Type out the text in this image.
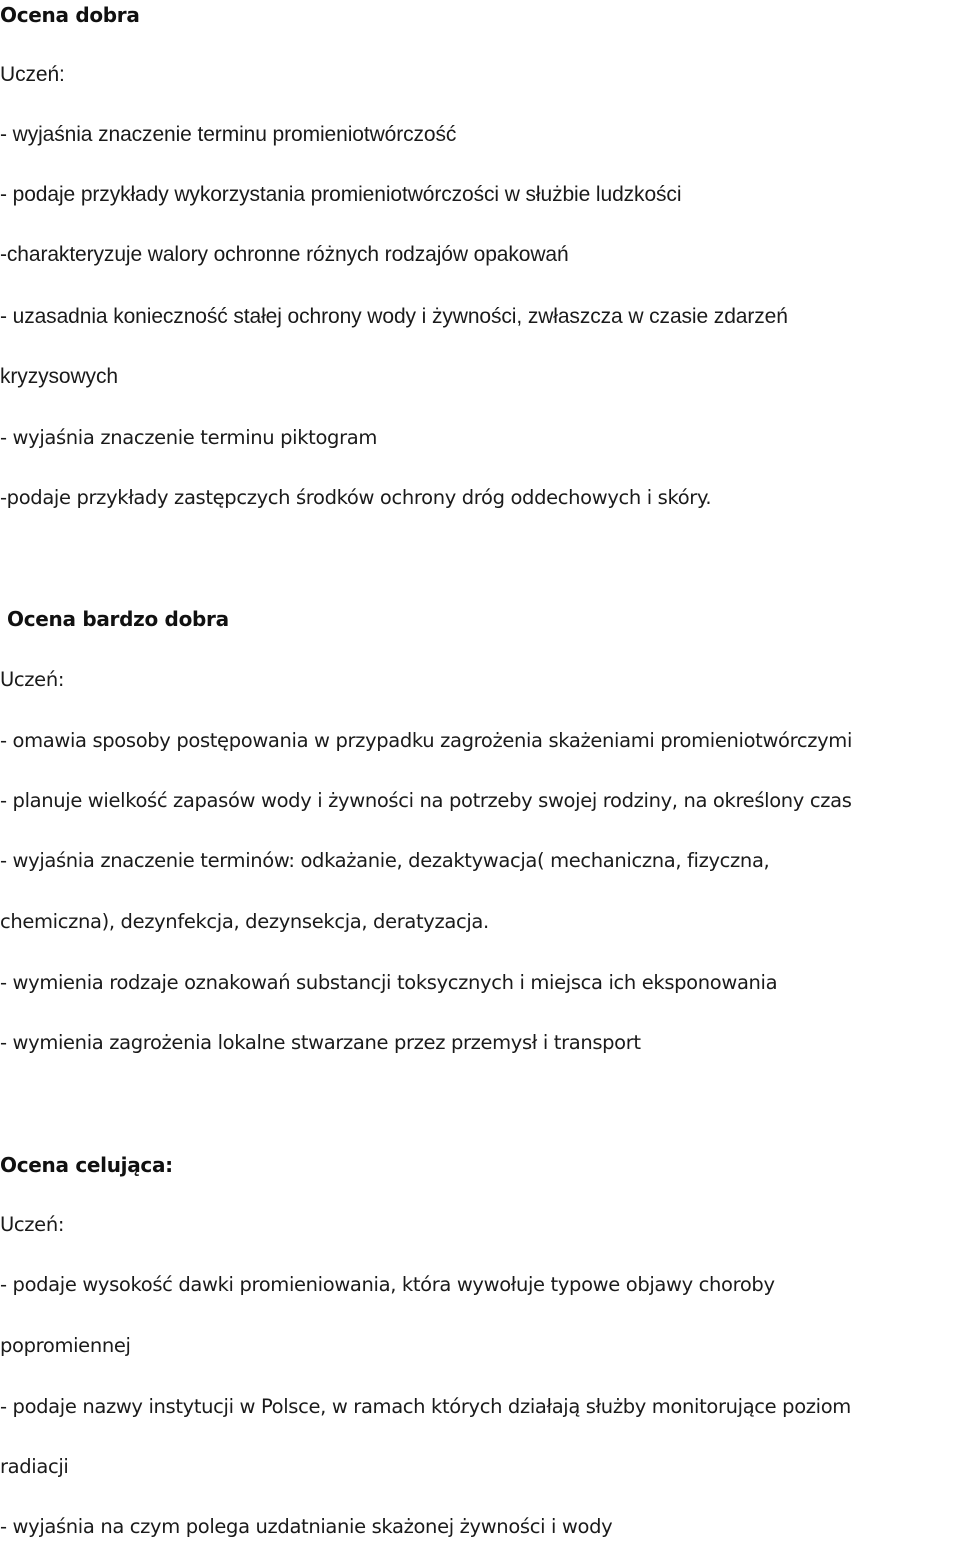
Ocena dobra

Uczeń:

- wyjaśnia znaczenie terminu promieniotwórczość

- podaje przykłady wykorzystania promieniotwórczości w służbie ludzkości

-charakteryzuje walory ochronne różnych rodzajów opakowań

- uzasadnia konieczność stałej ochrony wody i żywności, zwłaszcza w czasie zdarzeń

kryzysowych

- wyjaśnia znaczenie terminu piktogram

-podaje przykłady zastępczych środków ochrony dróg oddechowych i skóry.

Ocena bardzo dobra

Uczeń:

- omawia sposoby postępowania w przypadku zagrożenia skażeniami promieniotwórczymi

- planuje wielkość zapasów wody i żywności na potrzeby swojej rodziny, na określony czas

- wyjaśnia znaczenie terminów: odkażanie, dezaktywacja( mechaniczna, fizyczna,

chemiczna), dezynfekcja, dezynsekcja, deratyzacja.

- wymienia rodzaje oznakowań substancji toksycznych i miejsca ich eksponowania

- wymienia zagrożenia lokalne stwarzane przez przemysł i transport

Ocena celująca:

Uczeń:

- podaje wysokość dawki promieniowania, która wywołuje typowe objawy choroby

popromiennej

- podaje nazwy instytucji w Polsce, w ramach których działają służby monitorujące poziom

radiacji

- wyjaśnia na czym polega uzdatnianie skażonej żywności i wody
